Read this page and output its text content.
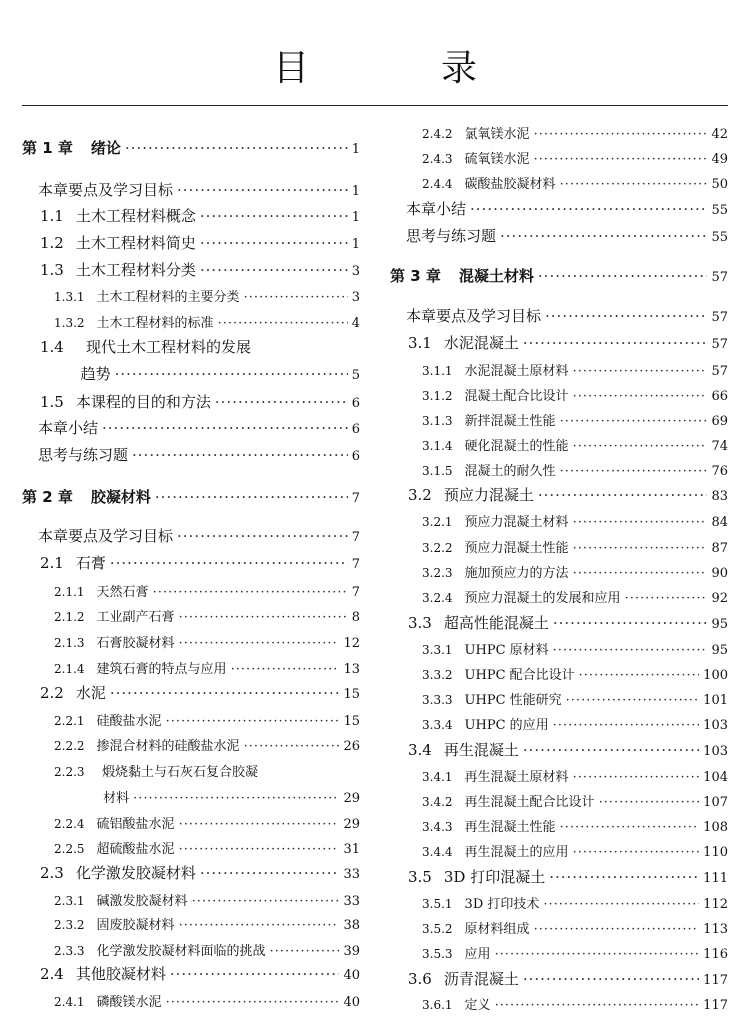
目　录
第 1 章	绪论 ·····	1
本章要点及学习目标 ·····	1
1.1 土木工程材料概念 ·····	1
1.2 土木工程材料简史 ·····	1
1.3 土木工程材料分类 ·····	3
1.3.1 土木工程材料的主要分类 ·····	3
1.3.2 土木工程材料的标准 ·····	4
1.4	现代土木工程材料的发展
趋势 ·····	5
1.5 本课程的目的和方法 ·····	6
本章小结 ·····	6
思考与练习题 ·····	6
第 2 章	胶凝材料 ·····	7
本章要点及学习目标 ·····	7
2.1 石膏 ·····	7
2.1.1 天然石膏 ·····	7
2.1.2 工业副产石膏 ·····	8
2.1.3 石膏胶凝材料 ·····	12
2.1.4 建筑石膏的特点与应用 ·····	13
2.2 水泥 ·····	15
2.2.1 硅酸盐水泥 ·····	15
2.2.2 掺混合材料的硅酸盐水泥 ·····	26
2.2.3	煅烧黏土与石灰石复合胶凝
材料 ·····	29
2.2.4 硫铝酸盐水泥 ·····	29
2.2.5 超硫酸盐水泥 ·····	31
2.3 化学激发胶凝材料 ·····	33
2.3.1 碱激发胶凝材料 ·····	33
2.3.2 固废胶凝材料 ·····	38
2.3.3 化学激发胶凝材料面临的挑战 ·····	39
2.4 其他胶凝材料 ·····	40
2.4.1 磷酸镁水泥 ·····	40
2.4.2 氯氧镁水泥 ·····	42
2.4.3 硫氧镁水泥 ·····	49
2.4.4 碳酸盐胶凝材料 ·····	50
本章小结 ·····	55
思考与练习题 ·····	55
第 3 章	混凝土材料 ·····	57
本章要点及学习目标 ·····	57
3.1 水泥混凝土 ·····	57
3.1.1 水泥混凝土原材料 ·····	57
3.1.2 混凝土配合比设计 ·····	66
3.1.3 新拌混凝土性能 ·····	69
3.1.4 硬化混凝土的性能 ·····	74
3.1.5 混凝土的耐久性 ·····	76
3.2 预应力混凝土 ·····	83
3.2.1 预应力混凝土材料 ·····	84
3.2.2 预应力混凝土性能 ·····	87
3.2.3 施加预应力的方法 ·····	90
3.2.4 预应力混凝土的发展和应用 ·····	92
3.3 超高性能混凝土 ·····	95
3.3.1 UHPC 原材料 ·····	95
3.3.2 UHPC 配合比设计 ·····	100
3.3.3 UHPC 性能研究 ·····	101
3.3.4 UHPC 的应用 ·····	103
3.4 再生混凝土 ·····	103
3.4.1 再生混凝土原材料 ·····	104
3.4.2 再生混凝土配合比设计 ·····	107
3.4.3 再生混凝土性能 ·····	108
3.4.4 再生混凝土的应用 ·····	110
3.5 3D 打印混凝土 ·····	111
3.5.1 3D 打印技术 ·····	112
3.5.2 原材料组成 ·····	113
3.5.3 应用 ·····	116
3.6 沥青混凝土 ·····	117
3.6.1 定义 ·····	117
